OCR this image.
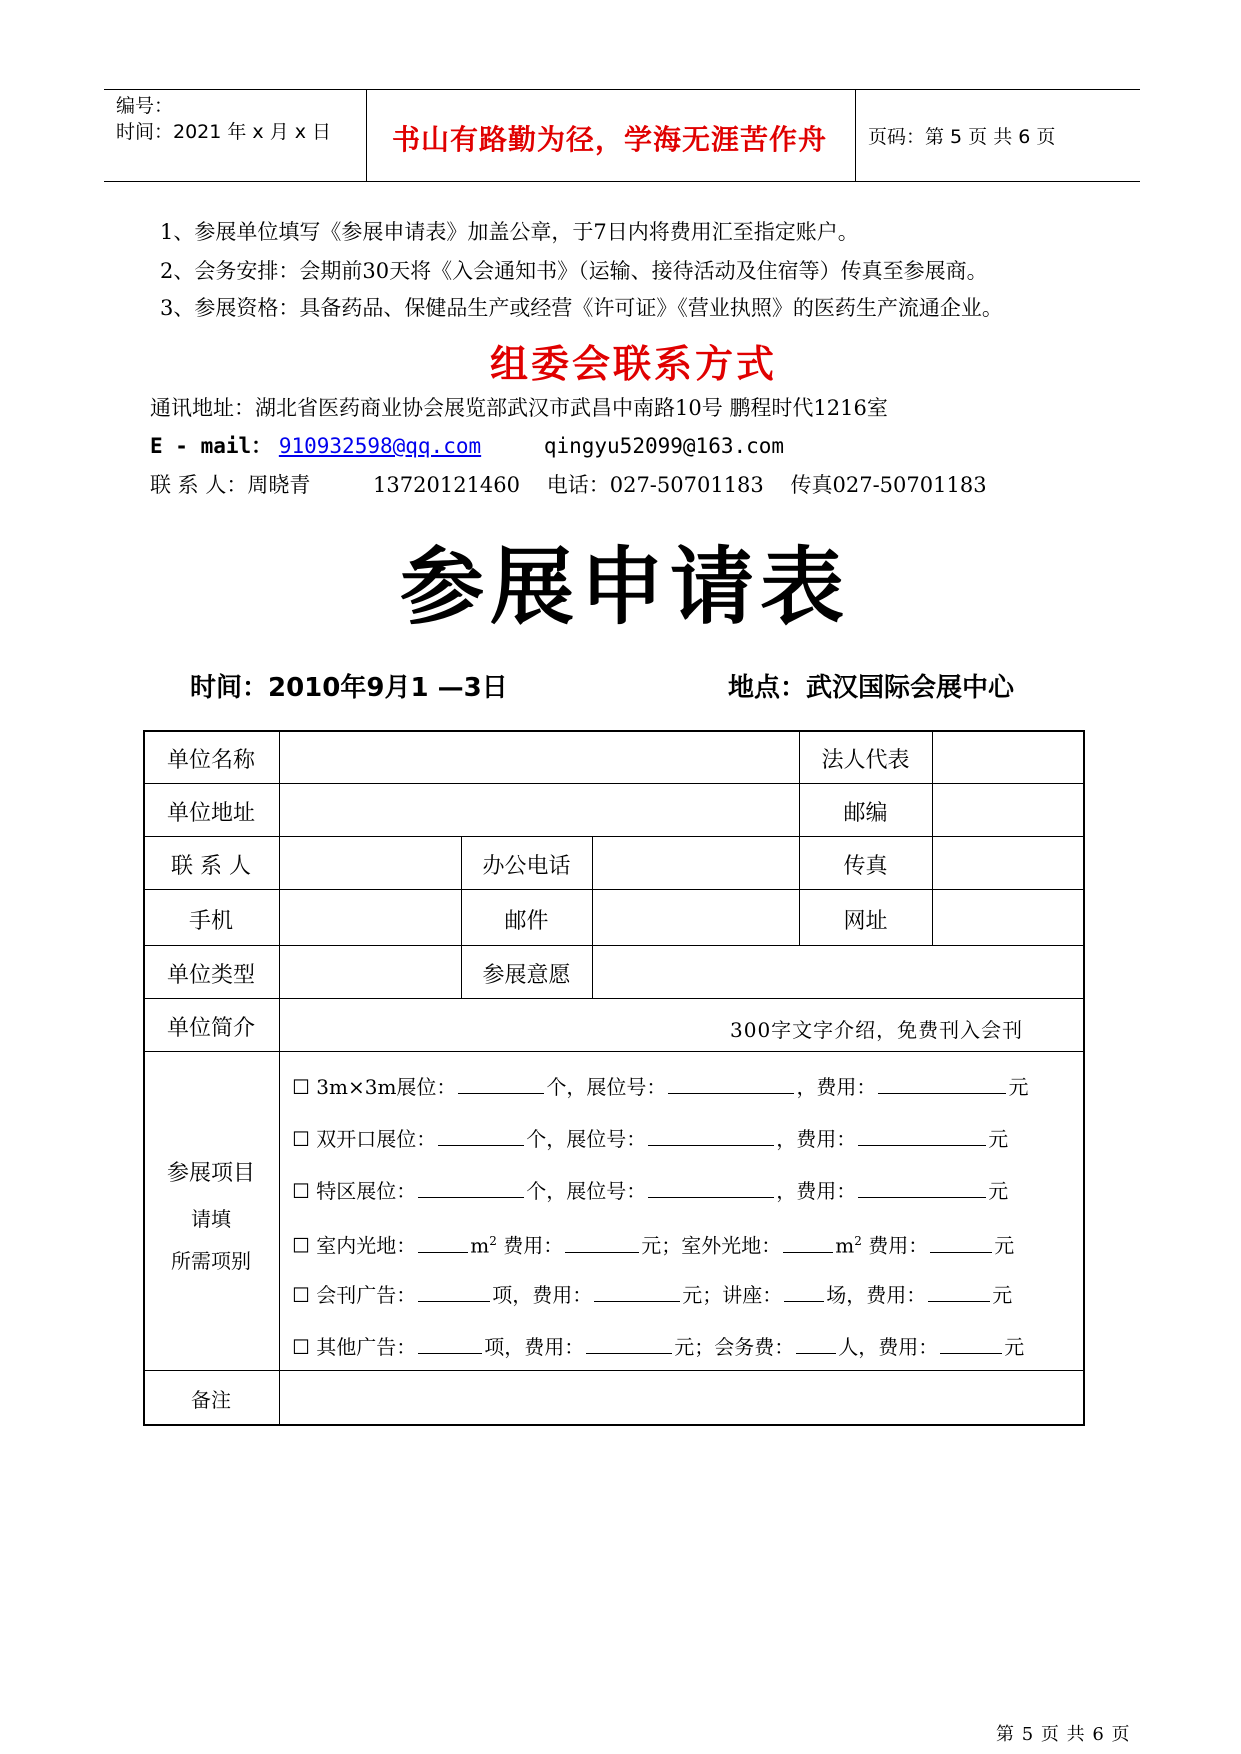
编号：
时间：2021 年 x 月 x 日 书山有路勤为径，学海无涯苦作舟 页码：第 5 页 共 6 页
1、参展单位填写《参展申请表》加盖公章，于7日内将费用汇至指定账户。
2、会务安排：会期前30天将《入会通知书》（运输、接待活动及住宿等）传真至参展商。
3、参展资格：具备药品、保健品生产或经营《许可证》《营业执照》的医药生产流通企业。
组委会联系方式
通讯地址：湖北省医药商业协会展览部武汉市武昌中南路10号 鹏程时代1216室
E - mail： 910932598@qq.com	qingyu52099@163.com
联 系 人：周晓青	13720121460 电话：027-50701183 传真027-50701183
参展申请表
时间：2010年9月1 —3日	地点：武汉国际会展中心
单位名称	法人代表
单位地址	邮编
联 系 人	办公电话	传真
手机	邮件	网址
单位类型	参展意愿
单位简介	300字文字介绍，免费刊入会刊
参展项目
请填
所需项别
☐ 3m×3m展位：	个，展位号：	，费用：	元
☐ 双开口展位：	个，展位号：	，费用：	元
☐ 特区展位：	个，展位号：	，费用：	元
☐ 室内光地：	$m^2$ 费用：	元；室外光地：	$m^2$ 费用：	元
☐ 会刊广告：	项，费用：	元；讲座： 场，费用：	元
☐ 其他广告：	项，费用：	元；会务费： 人，费用：	元
备注
第 5 页 共 6 页
